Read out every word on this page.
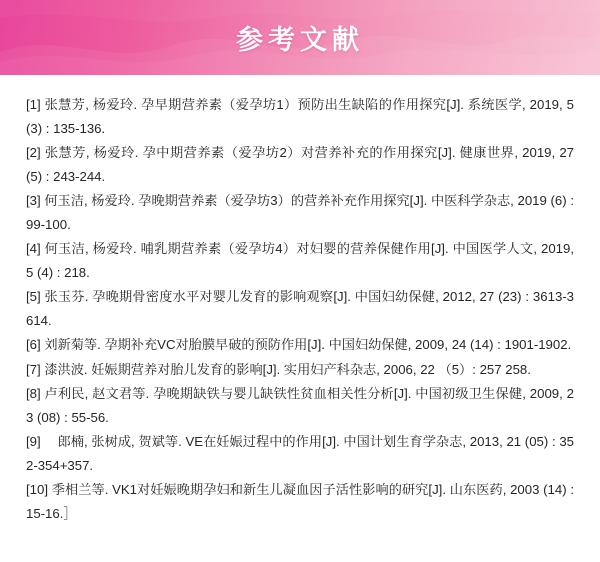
参考文献
[1] 张慧芳, 杨爱玲. 孕早期营养素（爱孕坊1）预防出生缺陷的作用探究[J]. 系统医学, 2019, 5 (3) : 135-136.
[2] 张慧芳, 杨爱玲. 孕中期营养素（爱孕坊2）对营养补充的作用探究[J]. 健康世界, 2019, 27 (5) : 243-244.
[3] 何玉洁, 杨爱玲. 孕晚期营养素（爱孕坊3）的营养补充作用探究[J]. 中医科学杂志, 2019 (6) : 99-100.
[4] 何玉洁, 杨爱玲. 哺乳期营养素（爱孕坊4）对妇婴的营养保健作用[J]. 中国医学人文, 2019, 5 (4) : 218.
[5] 张玉芬. 孕晚期骨密度水平对婴儿发育的影响观察[J]. 中国妇幼保健, 2012, 27 (23) : 3613-3614.
[6] 刘新菊等. 孕期补充VC对胎膜早破的预防作用[J]. 中国妇幼保健, 2009, 24 (14) : 1901-1902.
[7] 漆洪波. 妊娠期营养对胎儿发育的影响[J]. 实用妇产科杂志, 2006, 22 （5）: 257 258.
[8] 卢利民, 赵文君等. 孕晚期缺铁与婴儿缺铁性贫血相关性分析[J]. 中国初级卫生保健, 2009, 23 (08) : 55-56.
[9] 　郎楠, 张树成, 贺斌等. VE在妊娠过程中的作用[J]. 中国计划生育学杂志, 2013, 21 (05) : 352-354+357.
[10] 季相兰等. VK1对妊娠晚期孕妇和新生儿凝血因子活性影响的研究[J]. 山东医药, 2003 (14) : 15-16.］
